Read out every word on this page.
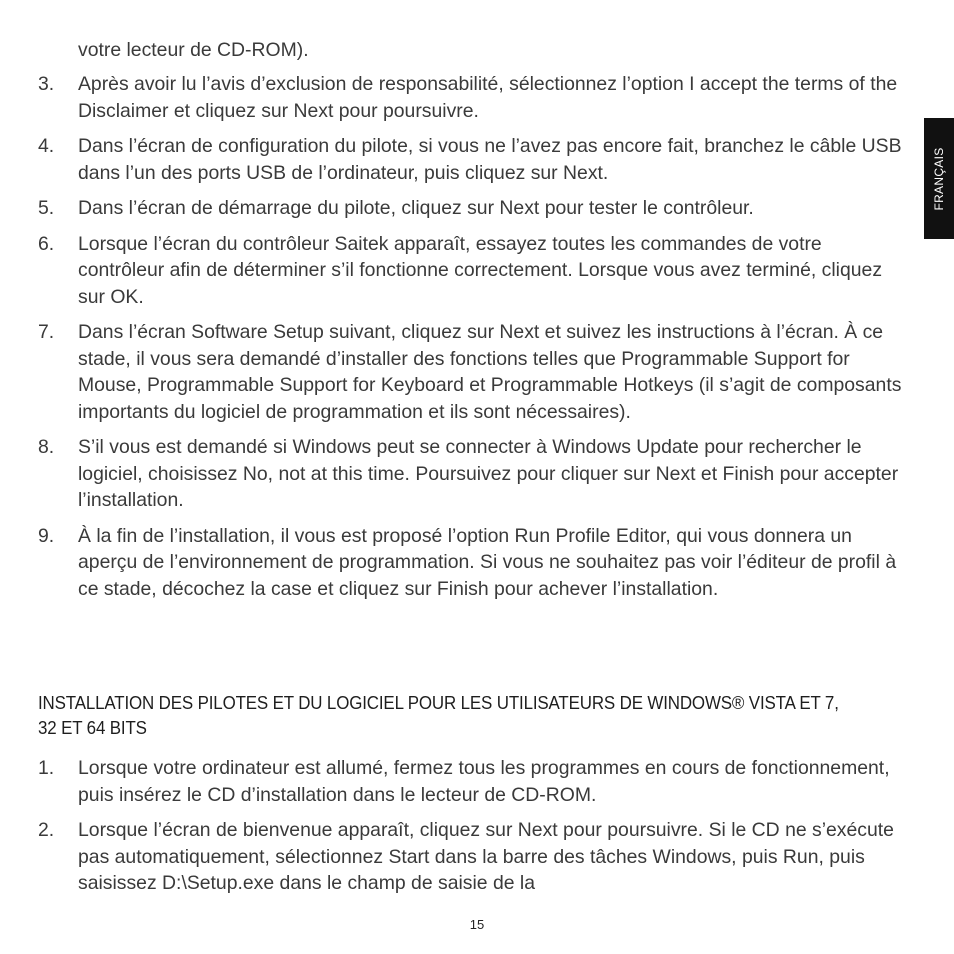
votre lecteur de CD-ROM).

3.	Après avoir lu l’avis d’exclusion de responsabilité, sélectionnez l’option I accept the terms of the Disclaimer et cliquez sur Next pour poursuivre.
4.	Dans l’écran de configuration du pilote, si vous ne l’avez pas encore fait, branchez le câble USB dans l’un des ports USB de l’ordinateur, puis cliquez sur Next.
5.	Dans l’écran de démarrage du pilote, cliquez sur Next pour tester le contrôleur.
6.	Lorsque l’écran du contrôleur Saitek apparaît, essayez toutes les commandes de votre contrôleur afin de déterminer s’il fonctionne correctement. Lorsque vous avez terminé, cliquez sur OK.
7.	Dans l’écran Software Setup suivant, cliquez sur Next et suivez les instructions à l’écran. À ce stade, il vous sera demandé d’installer des fonctions telles que Programmable Support for Mouse, Programmable Support for Keyboard et Programmable Hotkeys (il s’agit de composants importants du logiciel de programmation et ils sont nécessaires).
8.	S’il vous est demandé si Windows peut se connecter à Windows Update pour rechercher le logiciel, choisissez No, not at this time. Poursuivez pour cliquer sur Next et Finish pour accepter l’installation.
9.	À la fin de l’installation, il vous est proposé l’option Run Profile Editor, qui vous donnera un aperçu de l’environnement de programmation. Si vous ne souhaitez pas voir l’éditeur de profil à ce stade, décochez la case et cliquez sur Finish pour achever l’installation.
INSTALLATION DES PILOTES ET DU LOGICIEL POUR LES UTILISATEURS DE WINDOWS® VISTA ET 7, 32 ET 64 BITS
1.	Lorsque votre ordinateur est allumé, fermez tous les programmes en cours de fonctionnement, puis insérez le CD d’installation dans le lecteur de CD-ROM.
2.	Lorsque l’écran de bienvenue apparaît, cliquez sur Next pour poursuivre. Si le CD ne s’exécute pas automatiquement, sélectionnez Start dans la barre des tâches Windows, puis Run, puis saisissez D:\Setup.exe dans le champ de saisie de la
FRANÇAIS
15
